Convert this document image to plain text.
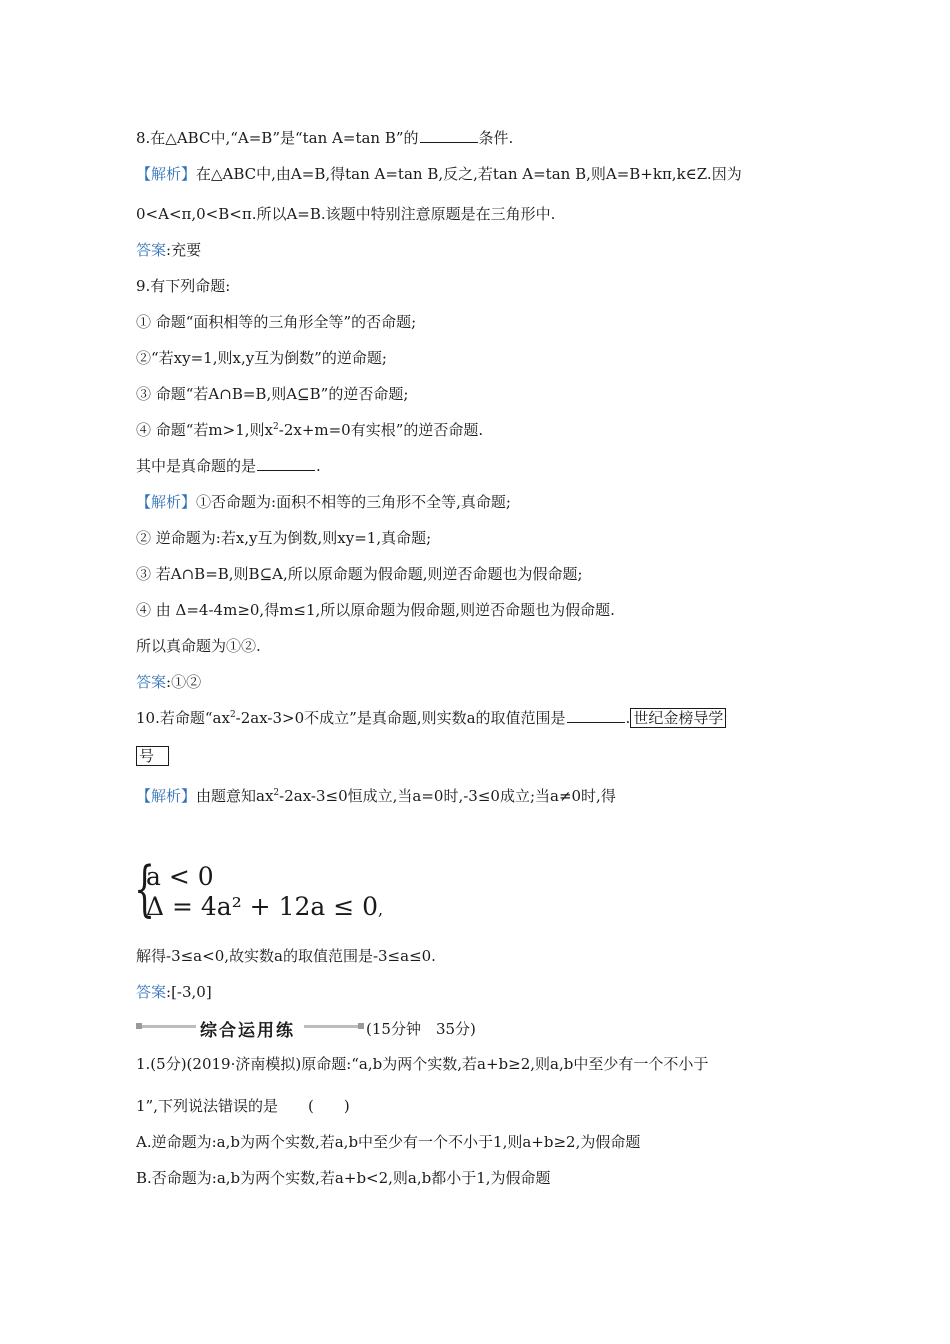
8.在△ABC中,“A=B”是“tan A=tan B”的	条件.
【解析】在△ABC中,由A=B,得tan A=tan B,反之,若tan A=tan B,则A=B+kπ,k∈Z.因为
0<A<π,0<B<π.所以A=B.该题中特别注意原题是在三角形中.
答案:充要
9.有下列命题:
① 命题“面积相等的三角形全等”的否命题;
②“若xy=1,则x,y互为倒数”的逆命题;
③ 命题“若A∩B=B,则A⊆B”的逆否命题;
④ 命题“若m>1,则$x^2-2x+m=0$有实根”的逆否命题.
其中是真命题的是	.
【解析】①否命题为:面积不相等的三角形不全等,真命题;
② 逆命题为:若x,y互为倒数,则xy=1,真命题;
③ 若A∩B=B,则B⊆A,所以原命题为假命题,则逆否命题也为假命题;
④ 由 Δ=4-4m≥0,得m≤1,所以原命题为假命题,则逆否命题也为假命题.
所以真命题为①②.
答案:①②
10.若命题“$ax^2-2ax-3>0$不成立”是真命题,则实数a的取值范围是	. 世纪金榜导学
号
【解析】由题意知$ax^2-2ax-3\le 0$恒成立,当a=0时,-3≤0成立;当a≠0时,得
{
a < 0
Δ = 4a² + 12a ≤ 0,
解得-3≤a<0,故实数a的取值范围是-3≤a≤0.
答案:[-3,0]
综合运用练	(15分钟　35分)
1.(5分)(2019·济南模拟)原命题:“a,b为两个实数,若a+b≥2,则a,b中至少有一个不小于
1”,下列说法错误的是　　(　　)
A.逆命题为:a,b为两个实数,若a,b中至少有一个不小于1,则a+b≥2,为假命题
B.否命题为:a,b为两个实数,若a+b<2,则a,b都小于1,为假命题
